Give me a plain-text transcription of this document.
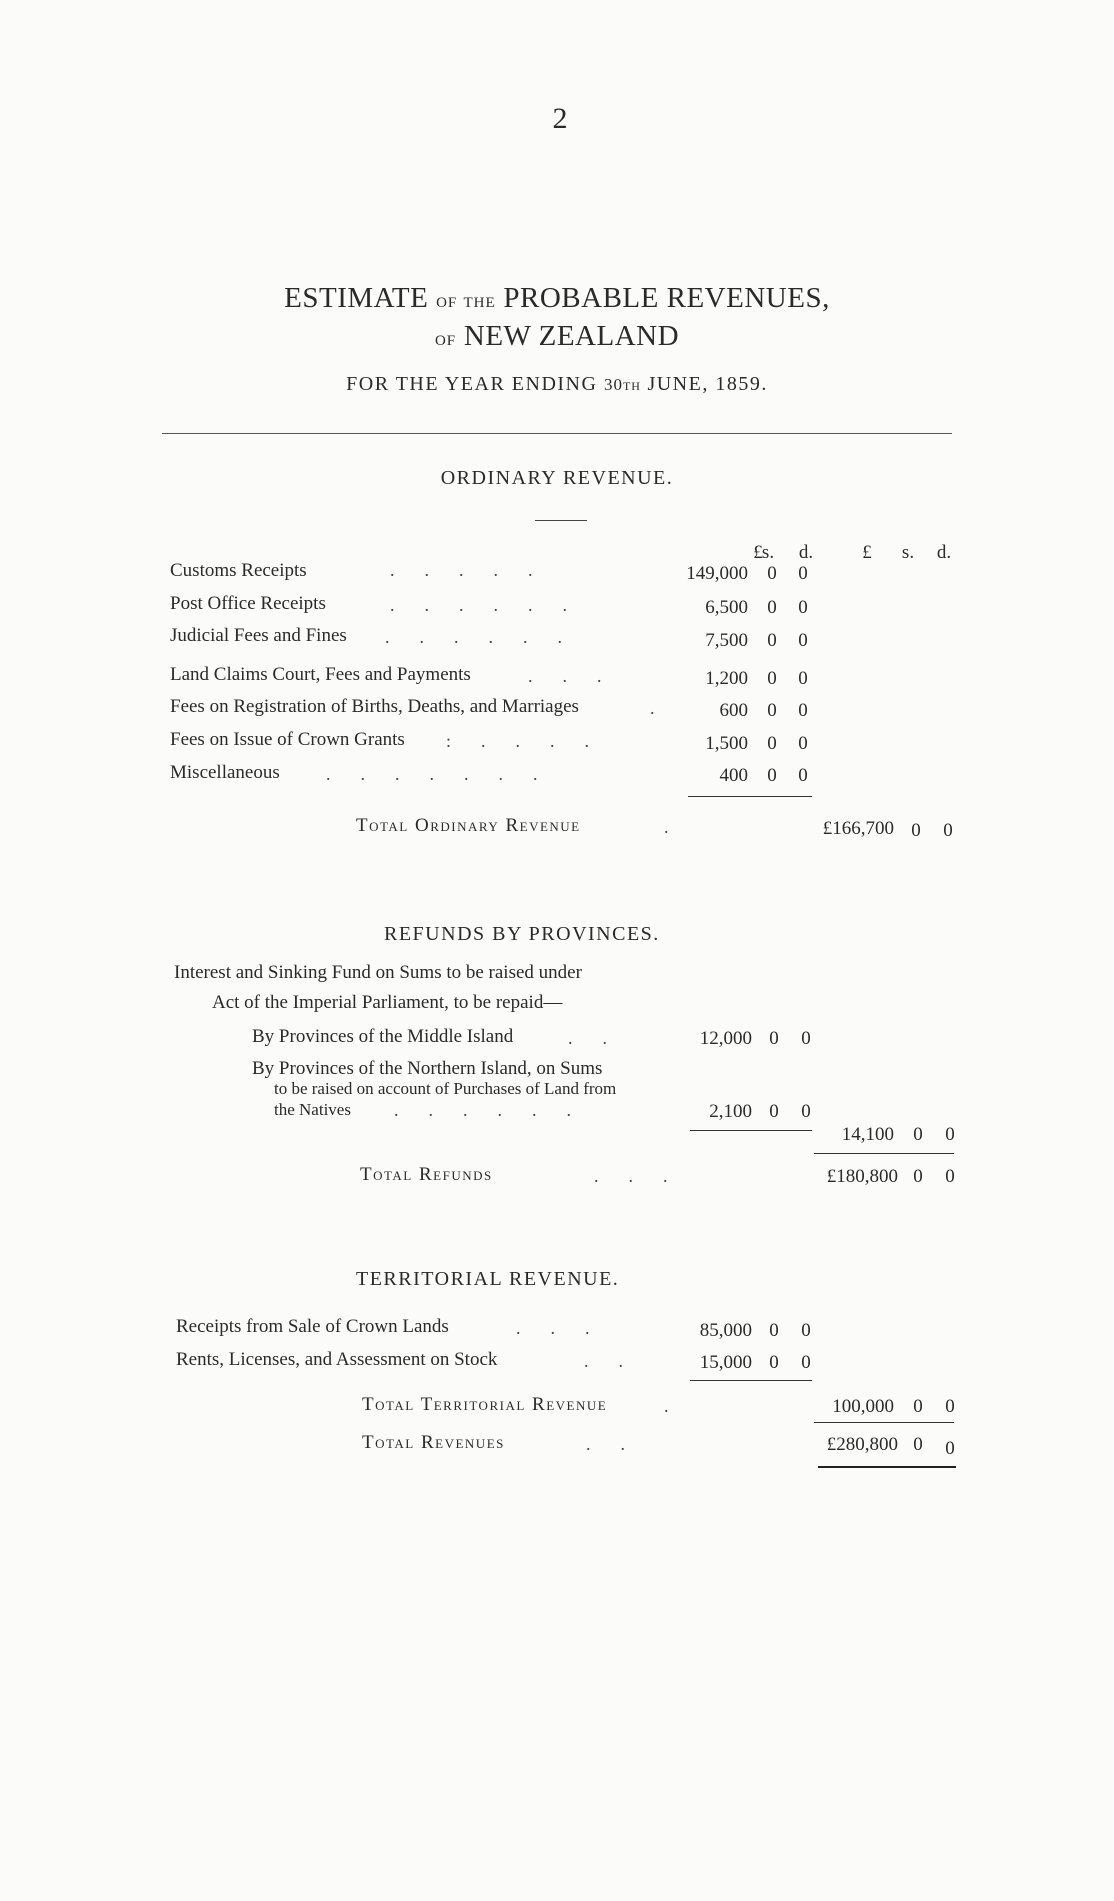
2
ESTIMATE of the PROBABLE REVENUES,
of NEW ZEALAND
FOR THE YEAR ENDING 30th JUNE, 1859.
ORDINARY REVENUE.
£ s. d.	£ s. d.
Customs Receipts	.....	149,000 0 0
Post Office Receipts	......	6,500 0 0
Judicial Fees and Fines ......	7,500 0 0
Land Claims Court, Fees and Payments	...	1,200 0 0
Fees on Registration of Births, Deaths, and Marriages	.	600 0 0
Fees on Issue of Crown Grants :....	1,500 0 0
Miscellaneous	.......	400 0 0
Total Ordinary Revenue	.	£166,700 0 0
REFUNDS BY PROVINCES.
Interest and Sinking Fund on Sums to be raised under
Act of the Imperial Parliament, to be repaid—
By Provinces of the Middle Island	..	12,000 0 0
By Provinces of the Northern Island, on Sums
to be raised on account of Purchases of Land from
the Natives ......	2,100 0 0
14,100 0 0
Total Refunds	...	£180,800 0 0
TERRITORIAL REVENUE.
Receipts from Sale of Crown Lands	...	85,000 0 0
Rents, Licenses, and Assessment on Stock	..	15,000 0 0
Total Territorial Revenue	.	100,000 0 0
Total Revenues	..	£280,800 0 0
